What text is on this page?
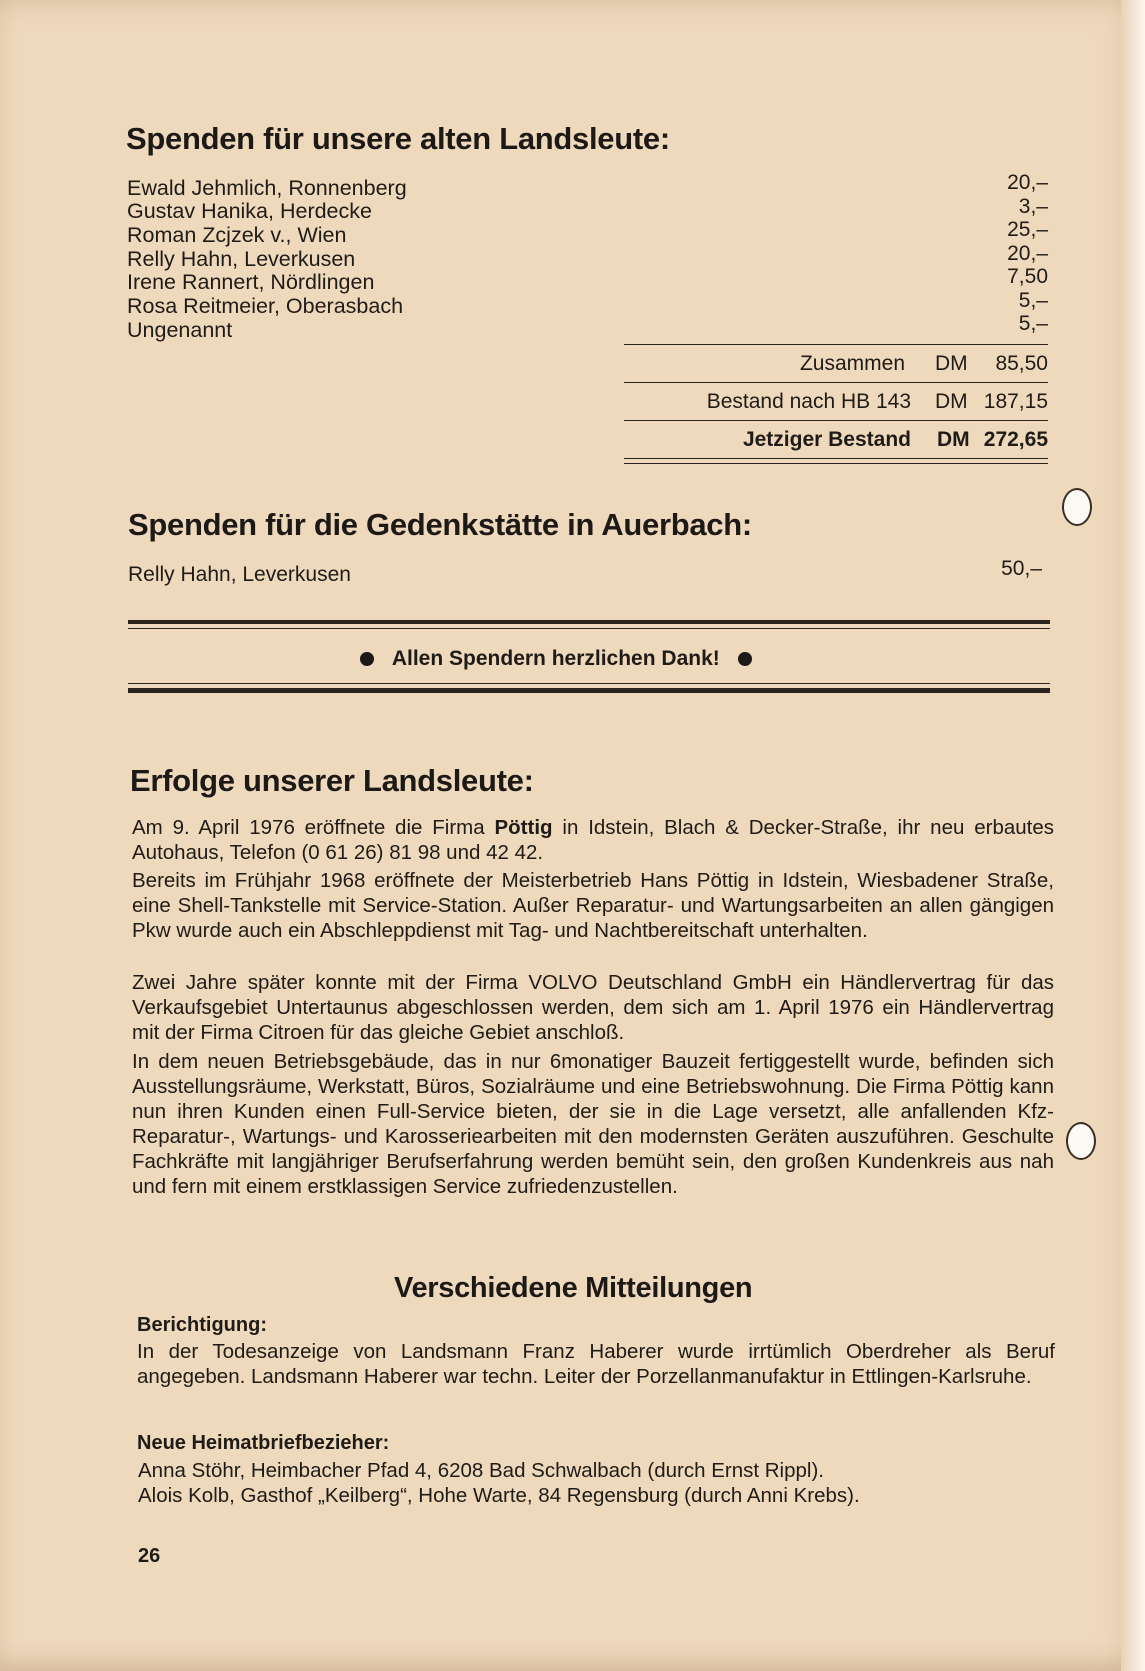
Spenden für unsere alten Landsleute:
Ewald Jehmlich, Ronnenberg
Gustav Hanika, Herdecke
Roman Zcjzek v., Wien
Relly Hahn, Leverkusen
Irene Rannert, Nördlingen
Rosa Reitmeier, Oberasbach
Ungenannt
20,–
3,–
25,–
20,–
7,50
5,–
5,–
Zusammen DM 85,50
Bestand nach HB 143 DM 187,15
Jetziger Bestand DM 272,65
Spenden für die Gedenkstätte in Auerbach:
Relly Hahn, Leverkusen	50,–
Allen Spendern herzlichen Dank!
Erfolge unserer Landsleute:

Am 9. April 1976 eröffnete die Firma Pöttig in Idstein, Blach & Decker-Straße, ihr neu erbautes Autohaus, Telefon (0 61 26) 81 98 und 42 42.

Bereits im Frühjahr 1968 eröffnete der Meisterbetrieb Hans Pöttig in Idstein, Wiesbadener Straße, eine Shell-Tankstelle mit Service-Station. Außer Reparatur- und Wartungsarbeiten an allen gängigen Pkw wurde auch ein Abschleppdienst mit Tag- und Nachtbereitschaft unterhalten.

Zwei Jahre später konnte mit der Firma VOLVO Deutschland GmbH ein Händlervertrag für das Verkaufsgebiet Untertaunus abgeschlossen werden, dem sich am 1. April 1976 ein Händlervertrag mit der Firma Citroen für das gleiche Gebiet anschloß.

In dem neuen Betriebsgebäude, das in nur 6monatiger Bauzeit fertiggestellt wurde, befinden sich Ausstellungsräume, Werkstatt, Büros, Sozialräume und eine Betriebswohnung. Die Firma Pöttig kann nun ihren Kunden einen Full-Service bieten, der sie in die Lage versetzt, alle anfallenden Kfz-Reparatur-, Wartungs- und Karosseriearbeiten mit den modernsten Geräten auszuführen. Geschulte Fachkräfte mit langjähriger Berufserfahrung werden bemüht sein, den großen Kundenkreis aus nah und fern mit einem erstklassigen Service zufriedenzustellen.

Verschiedene Mitteilungen
Berichtigung:

In der Todesanzeige von Landsmann Franz Haberer wurde irrtümlich Oberdreher als Beruf angegeben. Landsmann Haberer war techn. Leiter der Porzellanmanufaktur in Ettlingen-Karlsruhe.

Neue Heimatbriefbezieher:
Anna Stöhr, Heimbacher Pfad 4, 6208 Bad Schwalbach (durch Ernst Rippl).
Alois Kolb, Gasthof „Keilberg“, Hohe Warte, 84 Regensburg (durch Anni Krebs).
26
